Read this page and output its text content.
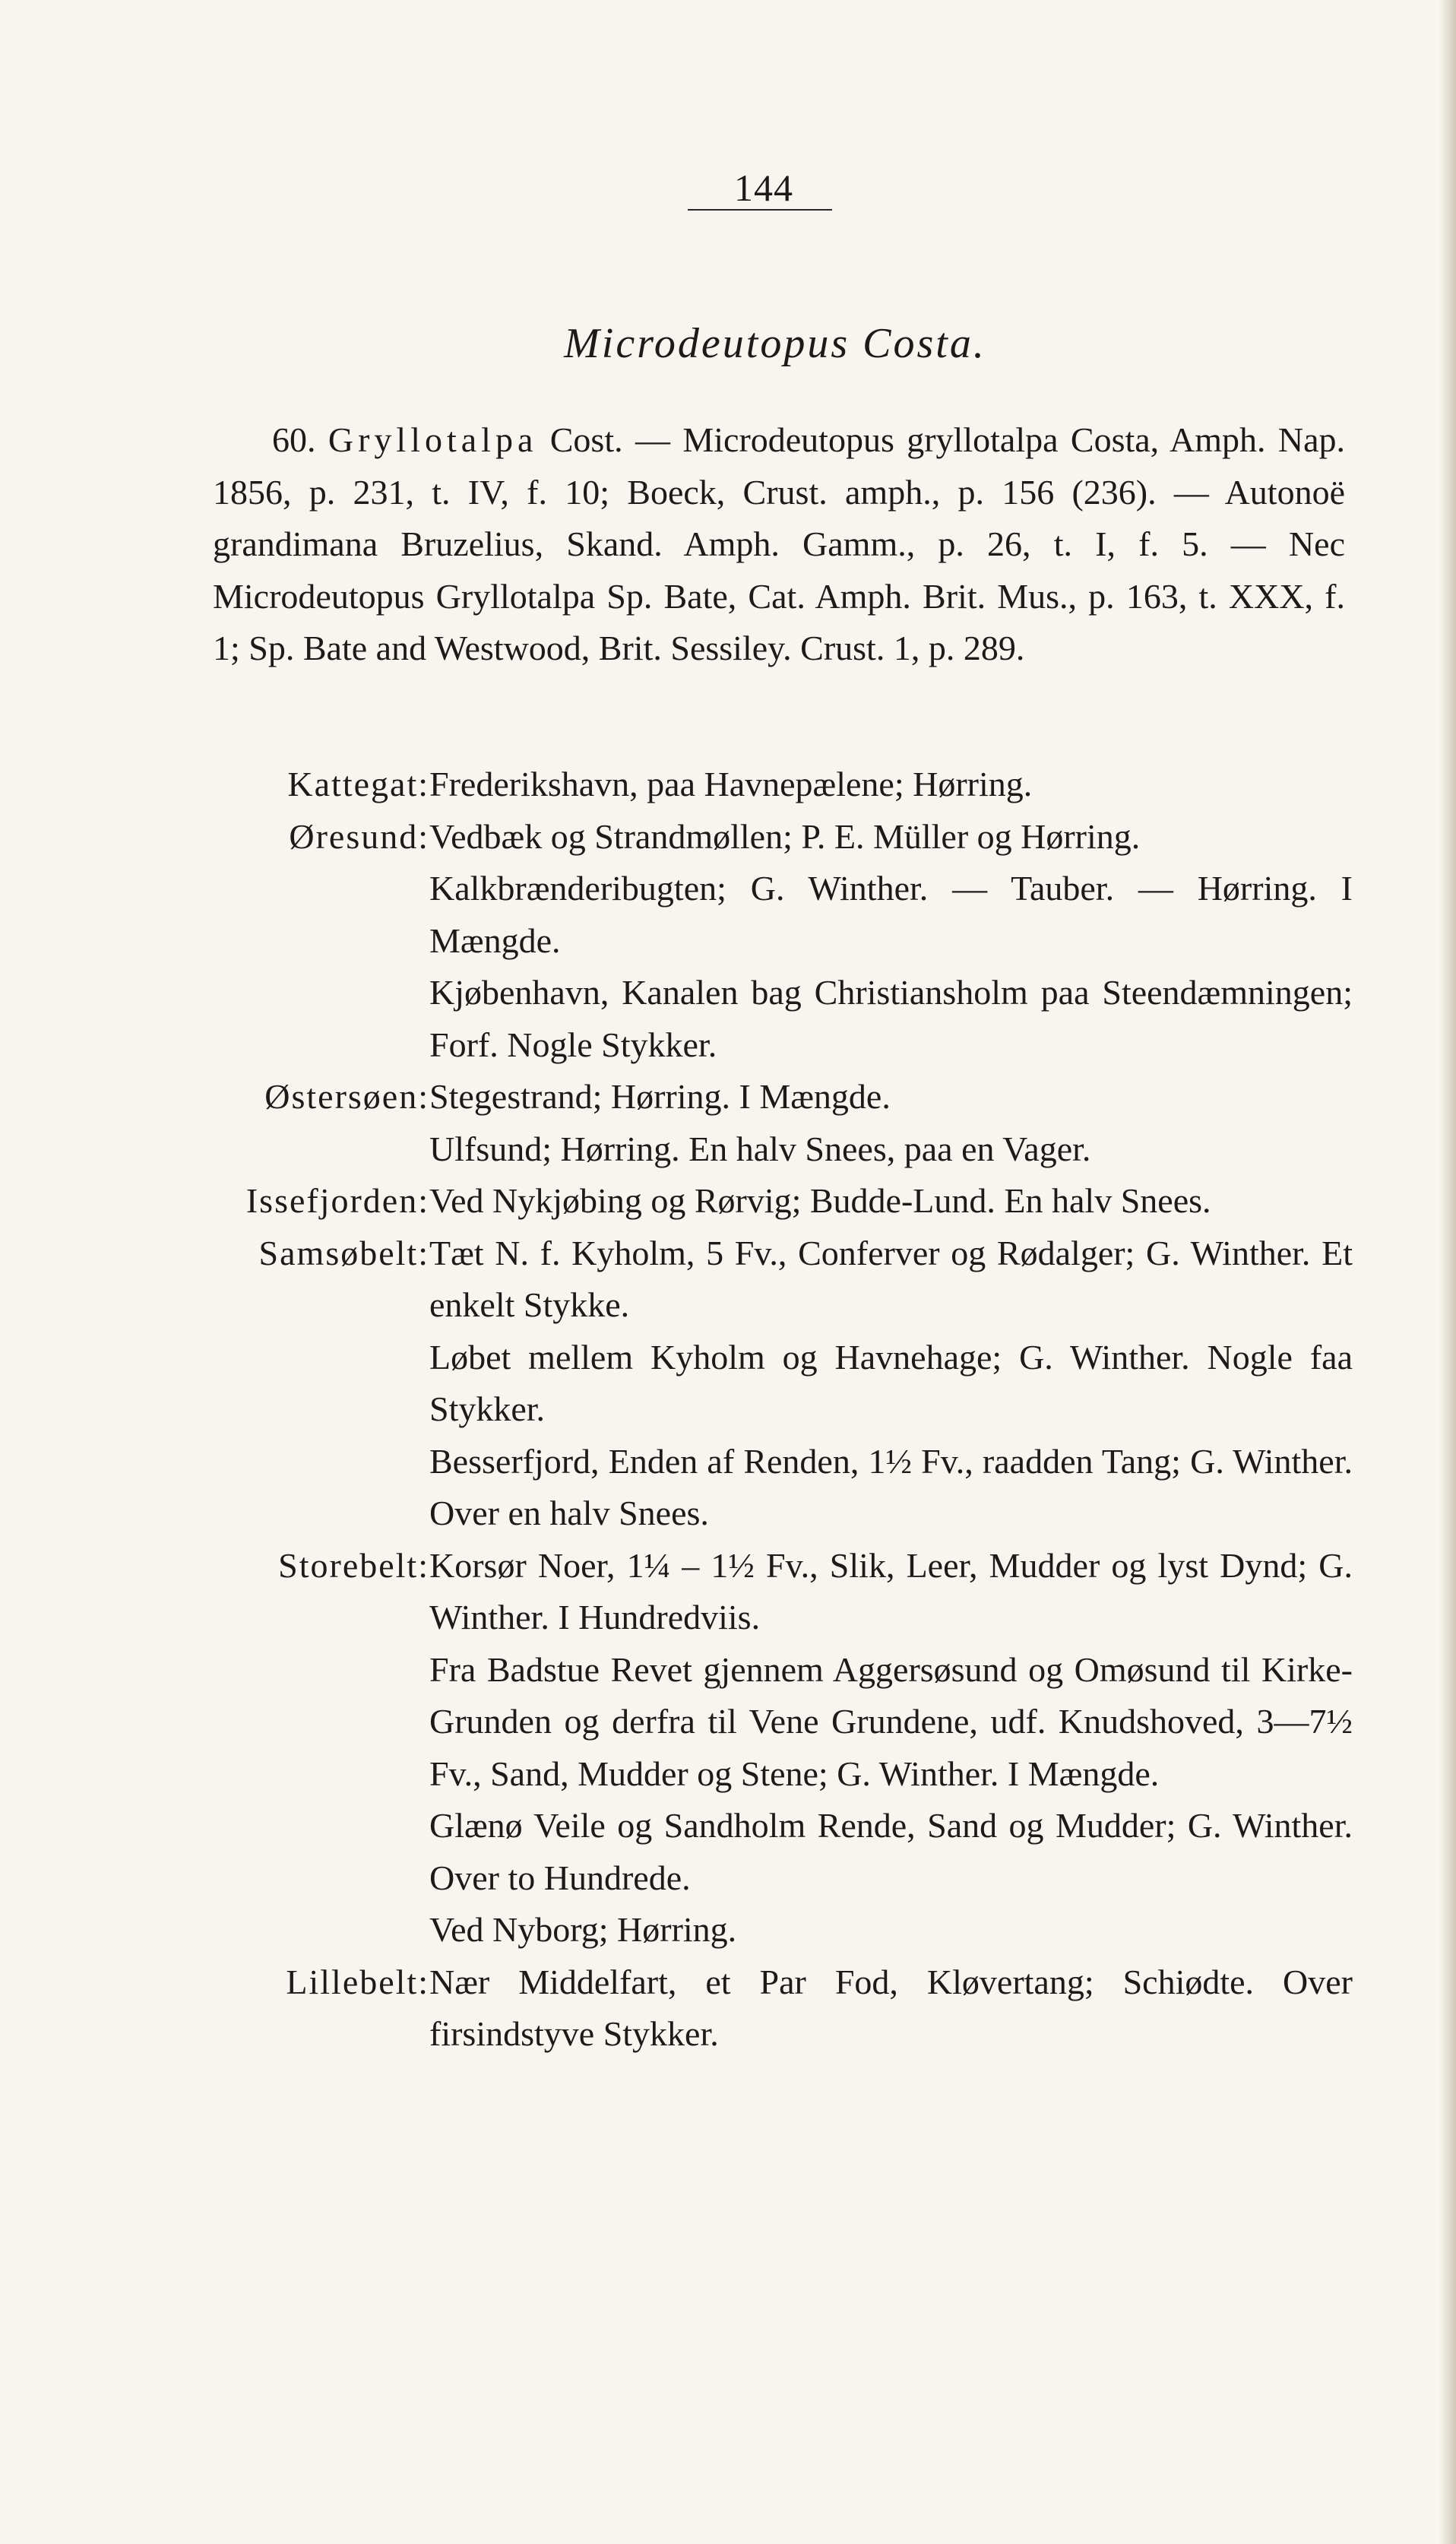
144
Microdeutopus Costa.

60. Gryllotalpa Cost. — Microdeutopus gryllotalpa Costa, Amph. Nap. 1856, p. 231, t. IV, f. 10; Boeck, Crust. amph., p. 156 (236). — Autonoë grandimana Bruzelius, Skand. Amph. Gamm., p. 26, t. I, f. 5. — Nec Microdeutopus Gryllotalpa Sp. Bate, Cat. Amph. Brit. Mus., p. 163, t. XXX, f. 1; Sp. Bate and Westwood, Brit. Sessiley. Crust. 1, p. 289.

Kattegat: Frederikshavn, paa Havnepælene; Hørring.

Øresund: Vedbæk og Strandmøllen; P. E. Müller og Hørring.

Kalkbrænderibugten; G. Winther. — Tauber. — Hørring. I Mængde.

Kjøbenhavn, Kanalen bag Christiansholm paa Steendæmningen; Forf. Nogle Stykker.

Østersøen: Stegestrand; Hørring. I Mængde.

Ulfsund; Hørring. En halv Snees, paa en Vager.

Issefjorden: Ved Nykjøbing og Rørvig; Budde-Lund. En halv Snees.

Samsøbelt: Tæt N. f. Kyholm, 5 Fv., Conferver og Rødalger; G. Winther. Et enkelt Stykke.

Løbet mellem Kyholm og Havnehage; G. Winther. Nogle faa Stykker.

Besserfjord, Enden af Renden, 1½ Fv., raadden Tang; G. Winther. Over en halv Snees.

Storebelt: Korsør Noer, 1¼ – 1½ Fv., Slik, Leer, Mudder og lyst Dynd; G. Winther. I Hundredviis.

Fra Badstue Revet gjennem Aggersøsund og Omøsund til Kirke-Grunden og derfra til Vene Grundene, udf. Knudshoved, 3—7½ Fv., Sand, Mudder og Stene; G. Winther. I Mængde.

Glænø Veile og Sandholm Rende, Sand og Mudder; G. Winther. Over to Hundrede.

Ved Nyborg; Hørring.

Lillebelt: Nær Middelfart, et Par Fod, Kløvertang; Schiødte. Over firsindstyve Stykker.
